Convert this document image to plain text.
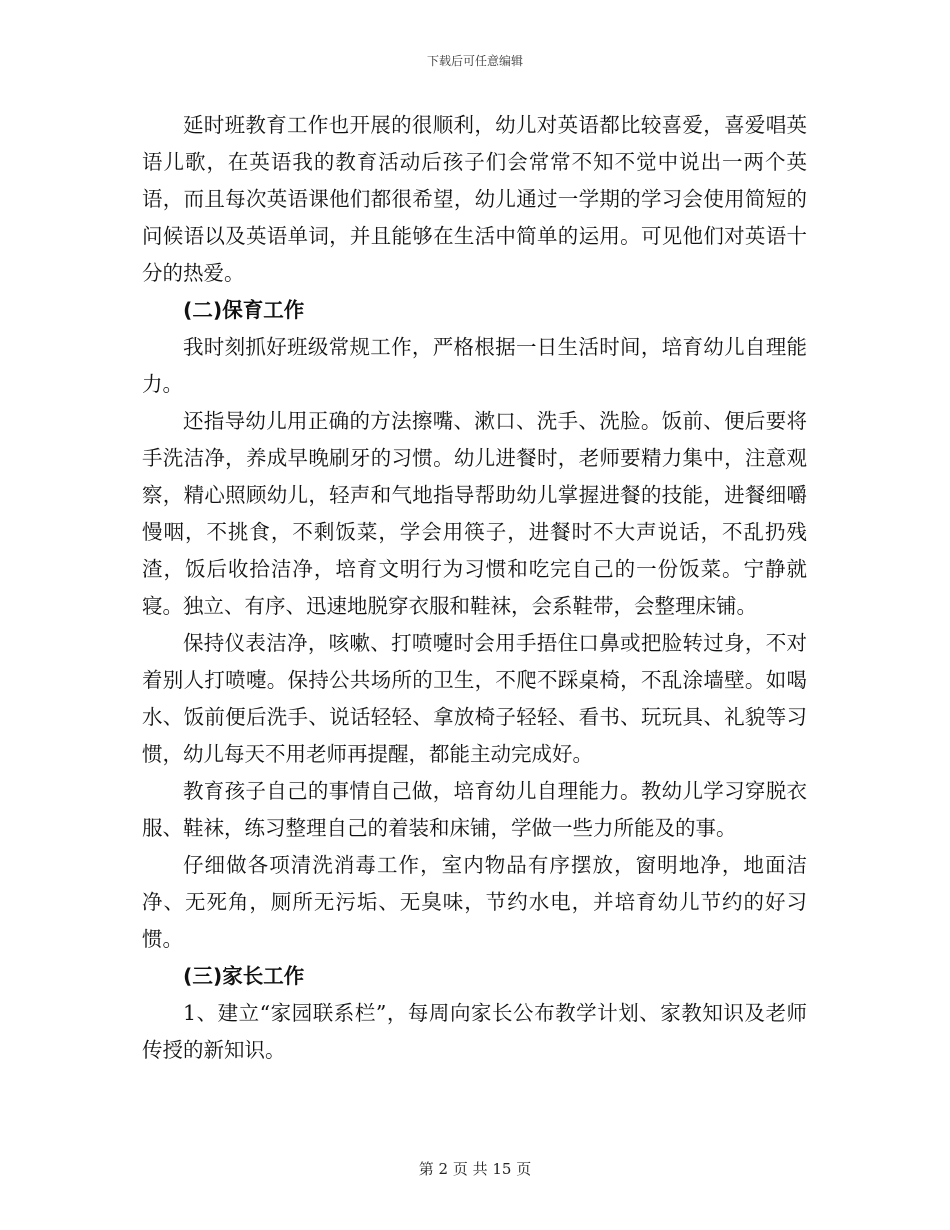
下载后可任意编辑

延时班教育工作也开展的很顺利，幼儿对英语都比较喜爱，喜爱唱英语儿歌，在英语我的教育活动后孩子们会常常不知不觉中说出一两个英语，而且每次英语课他们都很希望，幼儿通过一学期的学习会使用简短的问候语以及英语单词，并且能够在生活中简单的运用。可见他们对英语十分的热爱。

(二)保育工作

我时刻抓好班级常规工作，严格根据一日生活时间，培育幼儿自理能力。

还指导幼儿用正确的方法擦嘴、漱口、洗手、洗脸。饭前、便后要将手洗洁净，养成早晚刷牙的习惯。幼儿进餐时，老师要精力集中，注意观察，精心照顾幼儿，轻声和气地指导帮助幼儿掌握进餐的技能，进餐细嚼慢咽，不挑食，不剩饭菜，学会用筷子，进餐时不大声说话，不乱扔残渣，饭后收拾洁净，培育文明行为习惯和吃完自己的一份饭菜。宁静就寝。独立、有序、迅速地脱穿衣服和鞋袜，会系鞋带，会整理床铺。

保持仪表洁净，咳嗽、打喷嚏时会用手捂住口鼻或把脸转过身，不对着别人打喷嚏。保持公共场所的卫生，不爬不踩桌椅，不乱涂墙壁。如喝水、饭前便后洗手、说话轻轻、拿放椅子轻轻、看书、玩玩具、礼貌等习惯，幼儿每天不用老师再提醒，都能主动完成好。

教育孩子自己的事情自己做，培育幼儿自理能力。教幼儿学习穿脱衣服、鞋袜，练习整理自己的着装和床铺，学做一些力所能及的事。

仔细做各项清洗消毒工作，室内物品有序摆放，窗明地净，地面洁净、无死角，厕所无污垢、无臭味，节约水电，并培育幼儿节约的好习惯。

(三)家长工作

1、建立“家园联系栏”，每周向家长公布教学计划、家教知识及老师传授的新知识。

第 2 页 共 15 页
